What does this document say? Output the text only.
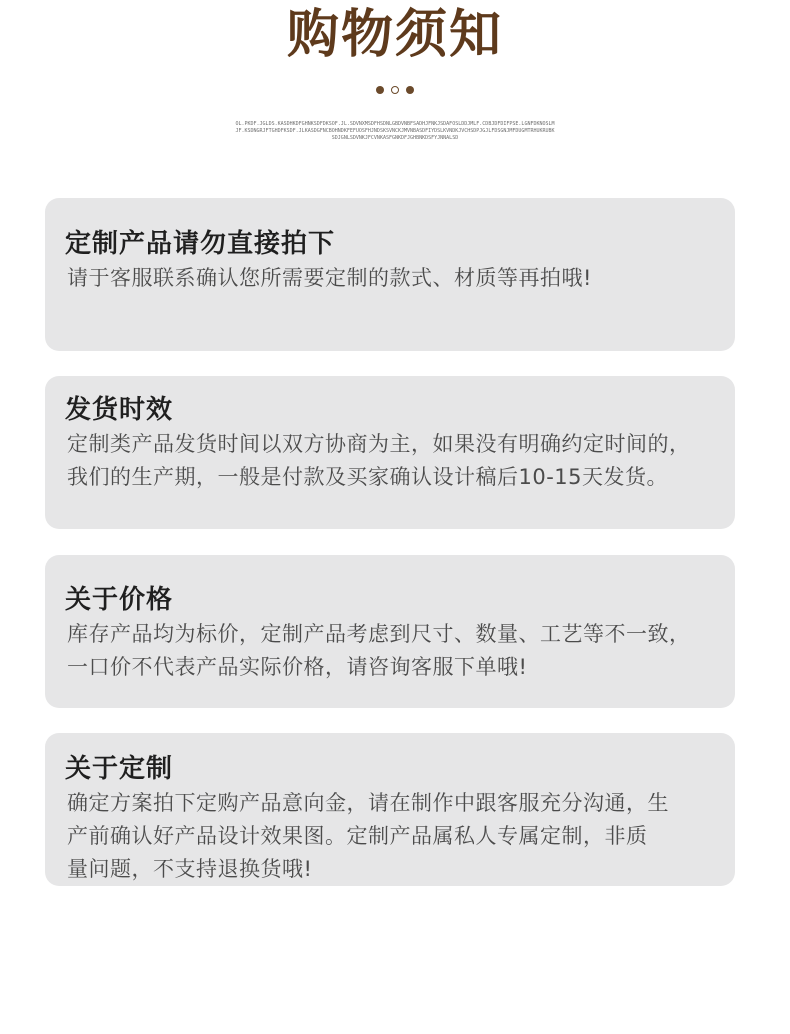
购物须知
OL.PKDF.JGLDS.KASDHKDFGHNKSDFDKSOF.JL.SDVNXMSDFHSDNLGBDVNBFSADHJFNKJSDAFOSLDDJMLF.CDBJDFDIFPSE.LGNFDKNOSLMJF.KSDNGRJFTGHDFKSDF.JLKASDGFNCBOHNDKFEFUOSFHJNDSKSVNCKJMVNBASDFIYDSLKVNDKJVCHSDPJGJLFDSGNJMFDUGMTRHUKRUBKSDJGNLSDVNKJFCVNKASFGNKDFJGHBNKDSFYJNNALSD
定制产品请勿直接拍下
请于客服联系确认您所需要定制的款式、材质等再拍哦!
发货时效
定制类产品发货时间以双方协商为主，如果没有明确约定时间的，
我们的生产期，一般是付款及买家确认设计稿后10-15天发货。
关于价格
库存产品均为标价，定制产品考虑到尺寸、数量、工艺等不一致，
一口价不代表产品实际价格，请咨询客服下单哦!
关于定制
确定方案拍下定购产品意向金，请在制作中跟客服充分沟通，生
产前确认好产品设计效果图。定制产品属私人专属定制，非质
量问题，不支持退换货哦!
